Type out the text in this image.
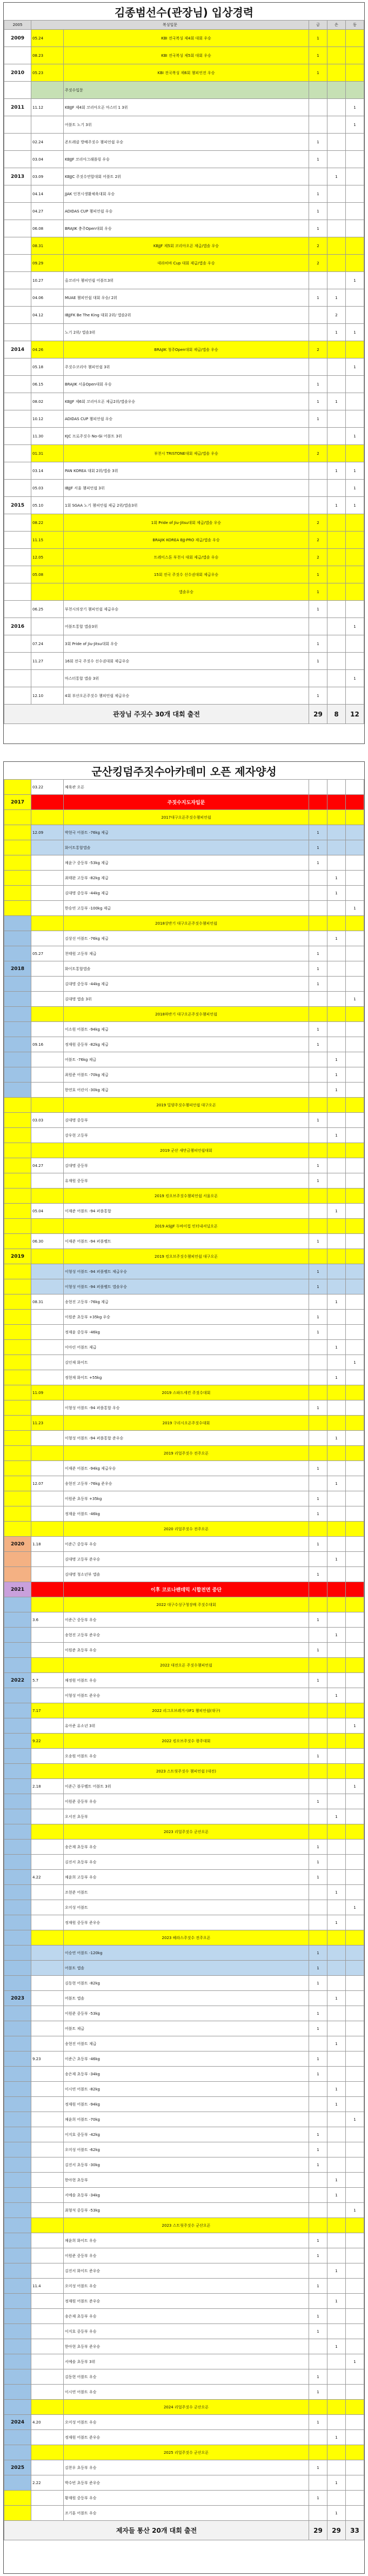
김종범선수(관장님) 입상경력
2005	복싱입문		금	은	동
2009	05.24	KBI 전국복싱 제4회 대회 우승	1		
	08.23	KBI 전국복싱 제5회 대회 우승	1		
2010	05.23	KBI 전국복싱 제6회 챔피언전 우승	1		
		주짓수입문			
2011	11.12	KBJJF 제4회 코리아오픈 마스터 1 3위			1
		어블트 노기 3위			1
	02.24	존트레클 방배주짓수 챔피언쉽 우승	1		
	03.04	KBJJF 코리아그래플링 우승	1		
2013	03.09	KBJJC 주짓수연합대회 어블트 2위		1	
	04.14	JJAK 인천시생활체육대회 우승	1		
	04.27	ADIDAS CUP 챔피언쉽 우승	1		
	06.08	BRAJIK 충주Open대회 우승	1		
	08.31	KBJJF 제5회 코리아오픈 제급/앱솔 우승	2		
	09.29	데라히바 Cup 대회 제급/앱솔 우승	2		
	10.27	올코리아 챔피언쉽 어블트3위			1
	04.06	MUAE 챔피언쉽 대회 우승/ 2위	1	1	
	04.12	IBJJFK Be The King 대회 2위/ 앱솔2위		2	
		노기 2위/ 앱솔3위		1	1
2014	04.26	BRAJIK 청주Open대회 제급/앱솔 우승	2		
	05.18	주짓수코리아 챔피언쉽 3위			1
	06.15	BRAJIK 서울Open대회 우승	1		
	08.02	KBJJF 제6회 코리아오픈 제급2위/앱솔우승	1	1	
	10.12	ADIDAS CUP 챔피언쉽 우승	1		
	11.30	KJC 프로주짓수 No-Gi 어블트 3위			1
	01.31	부천시 TRISTONE대회 제급/앱솔 우승	2		
	03.14	PAN KOREA 대회 2위/앱솔 3위		1	1
	05.03	IBJJF 서울 챔피언쉽 3위			1
2015	05.10	1회 SGAA 노기 챔피언쉽 제급 2위/앱솔3위		1	1
	08.22	1회 Pride of Jiu-Jitsu대회 제급/앱솔 우승	2		
	11.15	BRAJIK KOREA BJJ-PRO 제급/앱솔 우승	2		
	12.05	트레이스톤 부천시 대회 제급/앱솔 우승	2		
	05.08	15회 전국 주짓수 선수권대회 제급우승	1		
		앱솔우승	1		
	06.25	부천시의장기 챔피언쉽 제급우승	1		
2016		어블트통합 앱솔3위			1
	07.24	3회 Pride of Jiu-Jitsu대회 우승	1		
	11.27	16회 전국 주짓수 선수권대회 제급우승	1		
		마스터통합 앱솔 3위			1
	12.10	4회 부산오픈주짓수 챔피언쉽 제급우승	1		
관장님 주짓수 30개 대회 출전			29	8	12
군산킹덤주짓수아카데미 오픈 제자양성
	03.22	체육관 오픈			
2017		주짓수지도자입문			
		2017대구오픈주짓수챔피언쉽			
	12.09	박현국 어블트 -76kg 제급	1		
		화이트통합앱솔	1		
		채윤구 중등부 -53kg 제급	1		
		최태완 고등부 -82kg 제급		1	
		김대명 중등부 -44kg 제급		1	
		한승연 고등부 -100kg 제급			1
		2018상반기 대구오픈주짓수챔피언쉽			
		김상선 어블트 -76kg 제급		1	
	05.27	천태원 고등부 제급	1		
2018		화이트통합앱솔	1		
		김대명 중등부 -44kg 제급	1		
		김대명 앱솔 3위			1
		2018하반기 대구오픈주짓수챔피언쉽			
		이소원 어블트 -94kg 제급	1		
	09.16	정재원 중등부 -82kg 제급	1		
		어블트 -76kg 제급		1	
		최원준 어블트 -70kg 제급		1	
		한연호 어린이 -30kg 제급		1	
		2019 밀양주짓수챔피언쉽 대구오픈			
	03.03	김대명 중등부	1		
		강우현 고등부		1	
		2019 군산 새만금챔피언쉽대회			
	04.27	김대명 중등부	1		
		유재원 중등부	1		
		2019 킹오브주짓수챔피언쉽 서울오픈			
	05.04	이재준 어블트 -94 퍼플통합		1	
		2019 ASJJF 두바이컵 인터내셔널오픈			
	06.30	이재준 어블트 -94 퍼플벨트	1		
2019		2019 킹오브주짓수챔피언쉽 대구오픈			
		이형성 어블트 -94 퍼플벨트 제급우승	1		
		이형성 어블트 -94 퍼플벨트 앱솔우승	1		
	08.31	송현진 고등부 -76kg 제급		1	
		이원준 초등부 +35kg 우승	1		
		정재윤 중등부 -46kg	1		
		이아린 어블트 제급		1	
		김인재 화이트			1
		정현재 화이트 +55kg		1	
	11.09	2019 스파드세컨 주짓수대회			
		이형성 어블트 -94 퍼플통합 우승	1		
	11.23	2019 구리시오픈주짓수대회			
		이형성 어블트 -94 퍼플통합 준우승		1	
		2019 리얼주짓수 전주오픈			
		이재준 어블트 -94kg 제급우승	1		
	12.07	송현진 고등부 -76kg 준우승		1	
		이원준 초등부 +35kg	1		
		정재윤 어블트 -46kg	1		
		2020 리얼주짓수 전주오픈			
2020	1.18	이준근 중등부 우승	1		
		김대명 고등부 준우승		1	
		김대명 청소년부 앱솔	1		
2021		이후 코로나팬데믹 시합전면 중단			
		2022 대구수성구청장배 주짓수대회			
	3.6	이준근 중등부 우승	1		
		송현진 고등부 준우승		1	
		이원준 초등부 우승	1		
		2022 대전오픈 주짓수챔피언쉽			
2022	5.7	채정원 어블트 우승	1		
		이형성 어블트 준우승		1	
	7.17	2022 리그오브레거시IF1 챔피언쉽(대구)			
		유아준 유소년 3위			1
	9.22	2022 킹오브주짓수 광주대회			
		오송원 어블트 우승	1		
		2023 스트릿주짓수 챔피언쉽 (대전)			
	2.18	이준근 블루벨트 어블트 3위			1
		이원준 중등부 우승	1		
		오서진 초등부		1	
		2023 리얼주짓수 군산오픈			
		송은재 초등부 우승	1		
		김진서 초등부 우승	1		
	4.22	채윤희 고등부 우승	1		
		조현준 어블트		1	
		오미성 어블트			1
		정재원 중등부 준우승		1	
		2023 헤라스주짓수 전주오픈			
		이승연 어블트 -120kg	1		
		어블트 앱솔	1		
		김동현 어블트 -82kg	1		
2023		어블트 앱솔		1	
		이원준 중등부 -53kg	1		
		어블트 제급	1		
		송현진 어블트 제급		1	
	9.23	이준근 초등부 -46kg	1		
		송은재 초등부 -34kg	1		
		이시연 어블트 -82kg		1	
		정재원 어블트 -94kg		1	
		채윤희 어블트 -70kg			1
		이지호 중등부 -42kg	1		
		오미성 어블트 -62kg	1		
		김진서 초등부 -30kg	1		
		한아현 초등부		1	
		서예솔 초등부 -34kg		1	
		최형석 중등부 -53kg			1
		2023 스트릿주짓수 군산오픈			
		채윤희 화이트 우승	1		
		이원준 중등부 우승	1		
		김진서 화이트 준우승		1	
	11.4	오미성 어블트 우승	1		
		정재원 어블트 준우승		1	
		송은재 초등부 우승	1		
		이지호 중등부 우승	1		
		한아현 초등부 준우승		1	
		서예솔 초등부 3위			1
		김동현 어블트 우승	1		
		이시연 어블트 우승	1		
		2024 리얼주짓수 군산오픈			
2024	4.20	오미성 어블트 우승	1		
		정재원 어블트 준우승		1	
		2025 리얼주짓수 군산오픈			
2025		김찬우 초등부 우승	1		
	2.22	박수빈 초등부 준우승		1	
		황재원 중등부 우승	1		
		조기훈 어블트 우승		1	
제자들 통산 20개 대회 출전			29	29	33
